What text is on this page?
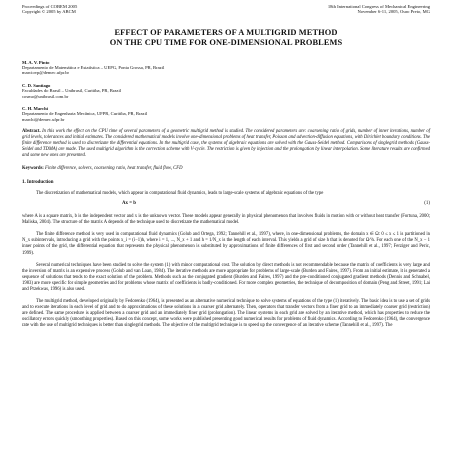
Proceedings of COBEM 2005
Copyright © 2005 by ABCM
18th International Congress of Mechanical Engineering
November 6-11, 2005, Ouro Preto, MG
EFFECT OF PARAMETERS OF A MULTIGRID METHOD
ON THE CPU TIME FOR ONE-DIMENSIONAL PROBLEMS
M. A. V. Pinto
Departamento de Matemática e Estatística – UEPG, Ponta Grossa, PR, Brazil
marciovp@demec.ufpr.br
C. D. Santiago
Faculdades do Brasil – Unibrasil, Curitiba, PR, Brazil
cosmo@unibrasil.com.br
C. H. Marchi
Departamento de Engenharia Mecânica, UFPR, Curitiba, PR, Brazil
marchi@demec.ufpr.br
Abstract. In this work the effect on the CPU time of several parameters of a geometric multigrid method is studied. The considered parameters are: coarsening ratio of grids, number of inner iterations, number of grid levels, tolerances and initial estimates. The considered mathematical models involve one-dimensional problems of heat transfer, Poisson and advection-diffusion equations, with Dirichlet boundary conditions. The finite difference method is used to discretizate the differential equations. In the multigrid case, the systems of algebraic equations are solved with the Gauss-Seidel method. Comparisons of singlegrid methods (Gauss-Seidel and TDMA) are made. The used multigrid algorithm is the correction scheme with V-cycle. The restriction is given by injection and the prolongation by linear interpolation. Some literature results are confirmed and some new ones are presented.
Keywords: Finite difference, solvers, coarsening ratio, heat transfer, fluid flow, CFD
1. Introduction
The discretization of mathematical models, which appear in computational fluid dynamics, leads to large-scale systems of algebraic equations of the type
Ax = b	(1)
where A is a square matrix, b is the independent vector and x is the unknown vector. These models appear generally in physical phenomenon that involves fluids in motion with or without heat transfer (Fortuna, 2000; Maliska, 2004). The structure of the matrix A depends of the technique used to discretizate the mathematical model.
The finite difference method is very used in computational fluid dynamics (Golub and Ortega, 1992; Tannehill et al., 1997), where, in one-dimensional problems, the domain x ∈ Ω: 0 ≤ x ≤ 1 is partitioned in N_x subintervals, introducing a grid with the points x_i = (i−1)h, where i = 1, ..., N_x + 1 and h = 1/N_x is the length of each interval. This yields a grid of size h that is denoted for Ω^h. For each one of the N_x − 1 inner points of the grid, the differential equation that represents the physical phenomenon is substituted by approximations of finite differences of first and second order (Tannehill et al., 1997; Ferziger and Peric, 1999).
Several numerical techniques have been studied to solve the system (1) with minor computational cost. The solution by direct methods is not recommendable because the matrix of coefficients is very large and the inversion of matrix is an expensive process (Golub and van Loan, 1984). The iterative methods are more appropriate for problems of large-scale (Burden and Faires, 1997). From an initial estimate, it is generated a sequence of solutions that tends to the exact solution of the problem. Methods such as the conjugated gradient (Burden and Faires, 1997) and the pre-conditioned conjugated gradient methods (Dennis and Schnabel, 1983) are more specific for simple geometries and for problems whose matrix of coefficients is badly-conditioned. For more complex geometries, the technique of decomposition of domain (Peng and Street, 1991; Lai and Przekwas, 1996) is also used.
The multigrid method, developed originally by Fedorenko (1964), is presented as an alternative numerical technique to solve systems of equations of the type (1) iteratively. The basic idea is to use a set of grids and to execute iterations in each level of grid and to do approximations of these solutions in a coarser grid alternately. Then, operators that transfer vectors from a finer grid to an immediately coarser grid (restriction) are defined. The same procedure is applied between a coarser grid and an immediately finer grid (prolongation). The linear systems in each grid are solved by an iterative method, which has properties to reduce the oscillatory errors quickly (smoothing properties). Based on this concept, some works were published presenting good numerical results for problems of fluid dynamics. According to Fedorenko (1964), the convergence rate with the use of multigrid techniques is better than singlegrid methods. The objective of the multigrid technique is to speed up the convergence of an iterative scheme (Tannehill et al., 1997). The
